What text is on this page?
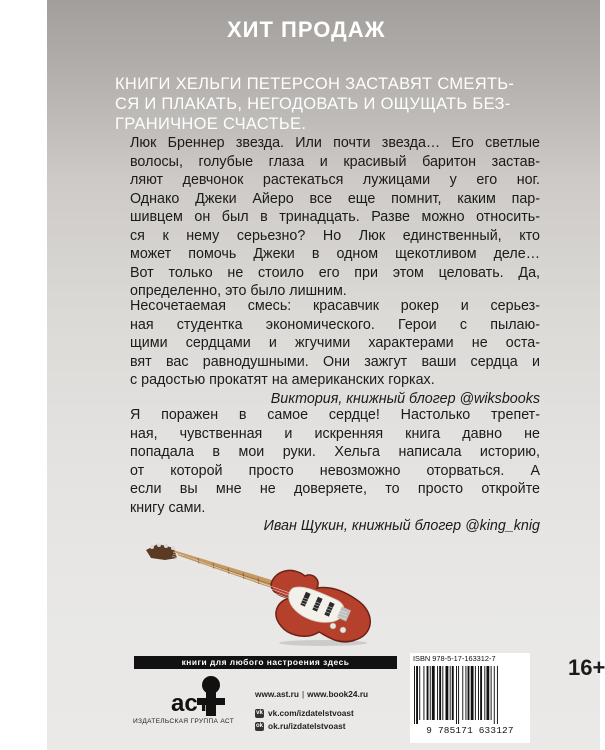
ХИТ ПРОДАЖ
КНИГИ ХЕЛЬГИ ПЕТЕРСОН ЗАСТАВЯТ СМЕЯТЬ-
СЯ И ПЛАКАТЬ, НЕГОДОВАТЬ И ОЩУЩАТЬ БЕЗ-
ГРАНИЧНОЕ СЧАСТЬЕ.
Люк Бреннер звезда. Или почти звезда… Его светлые
волосы, голубые глаза и красивый баритон застав-
ляют девчонок растекаться лужицами у его ног.
Однако Джеки Айеро все еще помнит, каким пар-
шивцем он был в тринадцать. Разве можно относить-
ся к нему серьезно? Но Люк единственный, кто
может помочь Джеки в одном щекотливом деле…
Вот только не стоило его при этом целовать. Да,
определенно, это было лишним.
Несочетаемая смесь: красавчик рокер и серьез-
ная студентка экономического. Герои с пылаю-
щими сердцами и жгучими характерами не оста-
вят вас равнодушными. Они зажгут ваши сердца и
с радостью прокатят на американских горках.
Виктория, книжный блогер @wiksbooks
Я поражен в самое сердце! Настолько трепет-
ная, чувственная и искренняя книга давно не
попадала в мои руки. Хельга написала историю,
от которой просто невозможно оторваться. А
если вы мне не доверяете, то просто откройте
книгу сами.
Иван Щукин, книжный блогер @king_knig
книги для любого настроения здесь
аст
ИЗДАТЕЛЬСКАЯ ГРУППА АСТ
www.ast.ru | www.book24.ru
vk vk.com/izdatelstvoast
ok ok.ru/izdatelstvoast
ISBN 978-5-17-163312-7
9 785171 633127
16+
